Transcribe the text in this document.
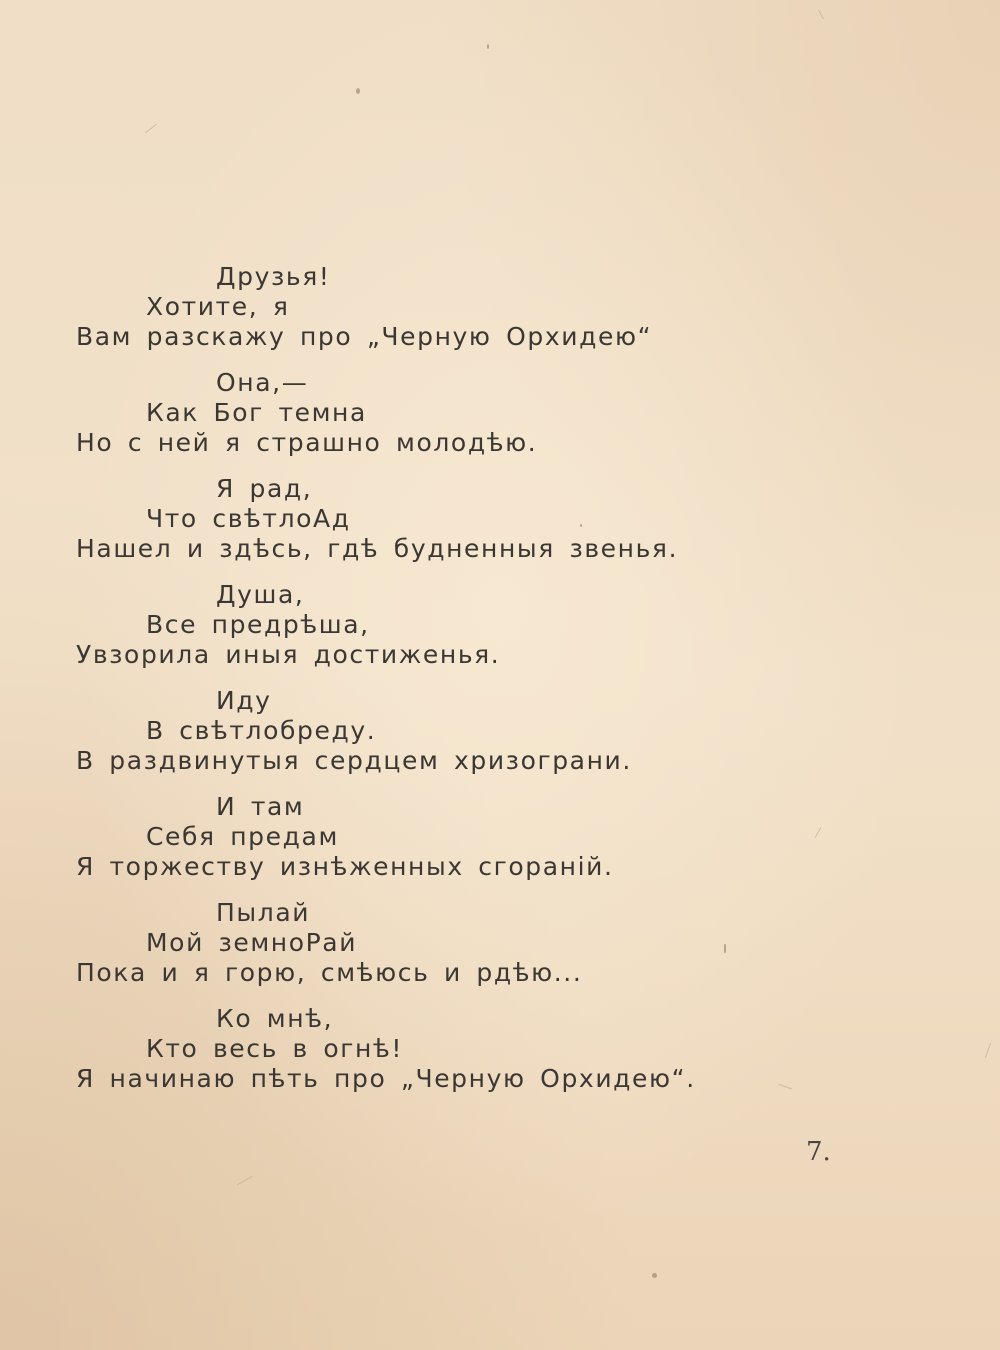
Друзья!
Хотите, я
Вам разскажу про „Черную Орхидею“
Она,—
Как Бог темна
Но с ней я страшно молодѣю.
Я рад,
Что свѣтлоАд
Нашел и здѣсь, гдѣ будненныя звенья.
Душа,
Все предрѣша,
Увзорила иныя достиженья.
Иду
В свѣтлобреду.
В раздвинутыя сердцем хризограни.
И там
Себя предам
Я торжеству изнѣженных сгораній.
Пылай
Мой земноРай
Пока и я горю, смѣюсь и рдѣю...
Ко мнѣ,
Кто весь в огнѣ!
Я начинаю пѣть про „Черную Орхидею“.
7.
